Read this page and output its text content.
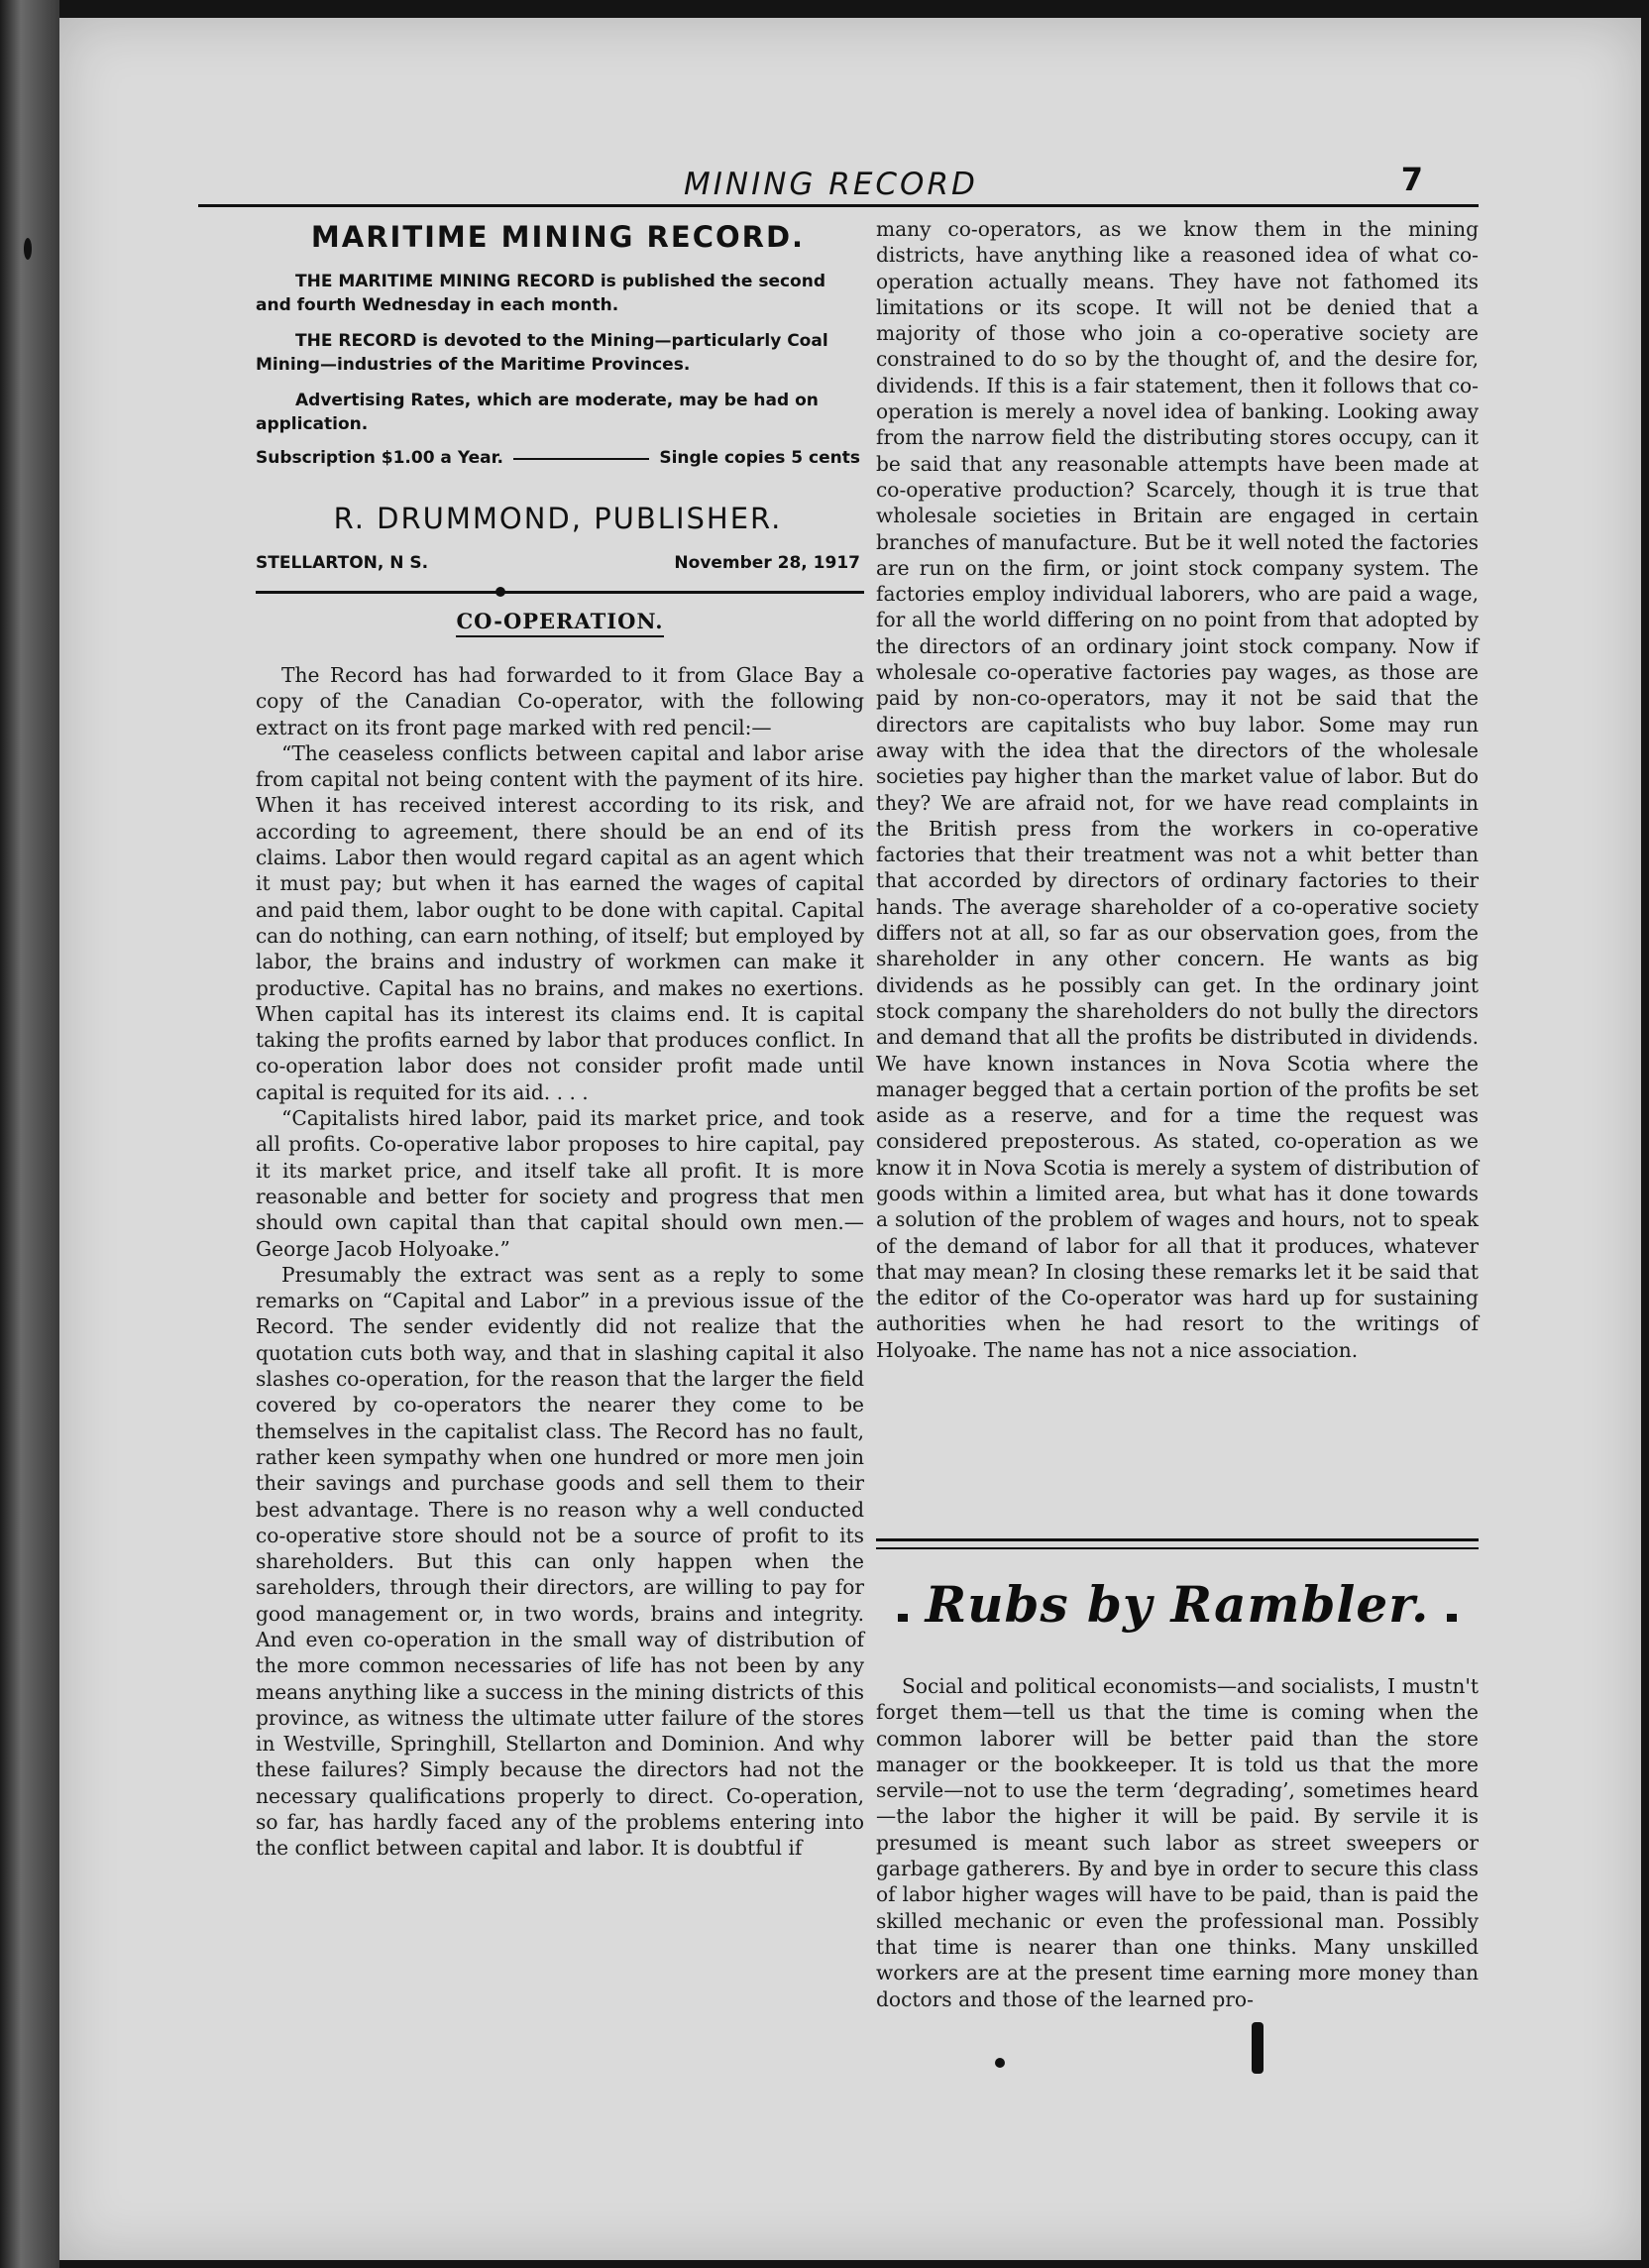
MINING RECORD	7
MARITIME MINING RECORD.

THE MARITIME MINING RECORD is published the second and fourth Wednesday in each month.

THE RECORD is devoted to the Mining—particularly Coal Mining—industries of the Maritime Provinces.

Advertising Rates, which are moderate, may be had on application.

Subscription $1.00 a Year.	Single copies 5 cents
R. DRUMMOND, PUBLISHER.
STELLARTON, N S.	November 28, 1917
CO-OPERATION.

The Record has had forwarded to it from Glace Bay a copy of the Canadian Co-operator, with the following extract on its front page marked with red pencil:—

“The ceaseless conflicts between capital and labor arise from capital not being content with the payment of its hire. When it has received interest according to its risk, and according to agreement, there should be an end of its claims. Labor then would regard capital as an agent which it must pay; but when it has earned the wages of capital and paid them, labor ought to be done with capital. Capital can do nothing, can earn nothing, of itself; but employed by labor, the brains and industry of workmen can make it productive. Capital has no brains, and makes no exertions. When capital has its interest its claims end. It is capital taking the profits earned by labor that produces conflict. In co-operation labor does not consider profit made until capital is requited for its aid. . . .

“Capitalists hired labor, paid its market price, and took all profits. Co-operative labor proposes to hire capital, pay it its market price, and itself take all profit. It is more reasonable and better for society and progress that men should own capital than that capital should own men.—George Jacob Holyoake.”

Presumably the extract was sent as a reply to some remarks on “Capital and Labor” in a previous issue of the Record. The sender evidently did not realize that the quotation cuts both way, and that in slashing capital it also slashes co-operation, for the reason that the larger the field covered by co-operators the nearer they come to be themselves in the capitalist class. The Record has no fault, rather keen sympathy when one hundred or more men join their savings and purchase goods and sell them to their best advantage. There is no reason why a well conducted co-operative store should not be a source of profit to its shareholders. But this can only happen when the sareholders, through their directors, are willing to pay for good management or, in two words, brains and integrity. And even co-operation in the small way of distribution of the more common necessaries of life has not been by any means anything like a success in the mining districts of this province, as witness the ultimate utter failure of the stores in Westville, Springhill, Stellarton and Dominion. And why these failures? Simply because the directors had not the necessary qualifications properly to direct. Co-operation, so far, has hardly faced any of the problems entering into the conflict between capital and labor. It is doubtful if

many co-operators, as we know them in the mining districts, have anything like a reasoned idea of what co-operation actually means. They have not fathomed its limitations or its scope. It will not be denied that a majority of those who join a co-operative society are constrained to do so by the thought of, and the desire for, dividends. If this is a fair statement, then it follows that co-operation is merely a novel idea of banking. Looking away from the narrow field the distributing stores occupy, can it be said that any reasonable attempts have been made at co-operative production? Scarcely, though it is true that wholesale societies in Britain are engaged in certain branches of manufacture. But be it well noted the factories are run on the firm, or joint stock company system. The factories employ individual laborers, who are paid a wage, for all the world differing on no point from that adopted by the directors of an ordinary joint stock company. Now if wholesale co-operative factories pay wages, as those are paid by non-co-operators, may it not be said that the directors are capitalists who buy labor. Some may run away with the idea that the directors of the wholesale societies pay higher than the market value of labor. But do they? We are afraid not, for we have read complaints in the British press from the workers in co-operative factories that their treatment was not a whit better than that accorded by directors of ordinary factories to their hands. The average shareholder of a co-operative society differs not at all, so far as our observation goes, from the shareholder in any other concern. He wants as big dividends as he possibly can get. In the ordinary joint stock company the shareholders do not bully the directors and demand that all the profits be distributed in dividends. We have known instances in Nova Scotia where the manager begged that a certain portion of the profits be set aside as a reserve, and for a time the request was considered preposterous. As stated, co-operation as we know it in Nova Scotia is merely a system of distribution of goods within a limited area, but what has it done towards a solution of the problem of wages and hours, not to speak of the demand of labor for all that it produces, whatever that may mean? In closing these remarks let it be said that the editor of the Co-operator was hard up for sustaining authorities when he had resort to the writings of Holyoake. The name has not a nice association.

Rubs by Rambler.

Social and political economists—and socialists, I mustn't forget them—tell us that the time is coming when the common laborer will be better paid than the store manager or the bookkeeper. It is told us that the more servile—not to use the term ‘degrading’, sometimes heard—the labor the higher it will be paid. By servile it is presumed is meant such labor as street sweepers or garbage gatherers. By and bye in order to secure this class of labor higher wages will have to be paid, than is paid the skilled mechanic or even the professional man. Possibly that time is nearer than one thinks. Many unskilled workers are at the present time earning more money than doctors and those of the learned pro-
